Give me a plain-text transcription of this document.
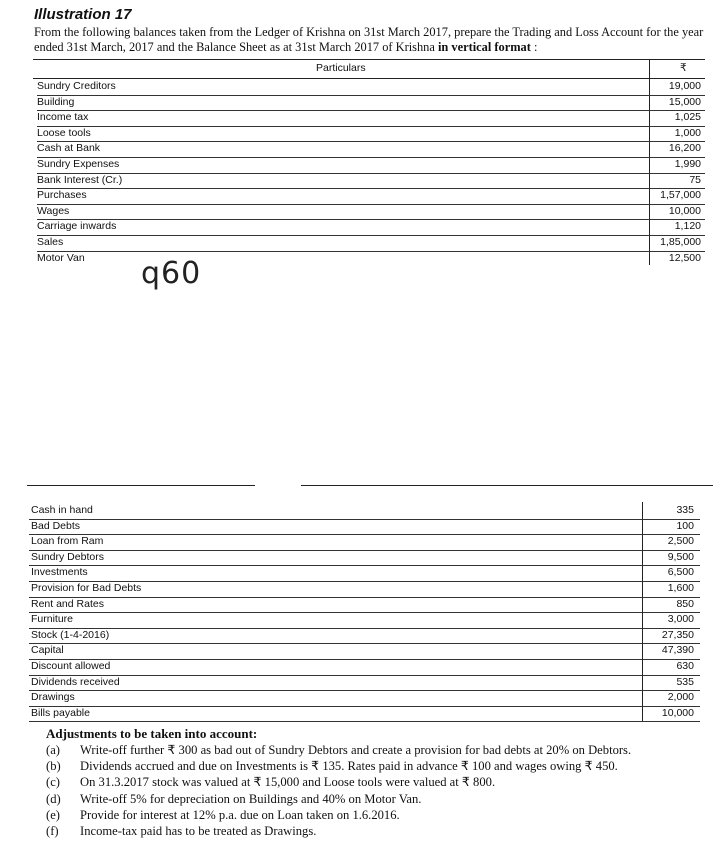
Illustration 17
From the following balances taken from the Ledger of Krishna on 31st March 2017, prepare the Trading and Loss Account for the year ended 31st March, 2017 and the Balance Sheet as at 31st March 2017 of Krishna in vertical format :
Particulars	₹
Sundry Creditors	19,000
Building	15,000
Income tax	1,025
Loose tools	1,000
Cash at Bank	16,200
Sundry Expenses	1,990
Bank Interest (Cr.)	75
Purchases	1,57,000
Wages	10,000
Carriage inwards	1,120
Sales	1,85,000
Motor Van	12,500
q60
Cash in hand	335
Bad Debts	100
Loan from Ram	2,500
Sundry Debtors	9,500
Investments	6,500
Provision for Bad Debts	1,600
Rent and Rates	850
Furniture	3,000
Stock (1-4-2016)	27,350
Capital	47,390
Discount allowed	630
Dividends received	535
Drawings	2,000
Bills payable	10,000
Adjustments to be taken into account:
(a) Write-off further ₹ 300 as bad out of Sundry Debtors and create a provision for bad debts at 20% on Debtors.
(b) Dividends accrued and due on Investments is ₹ 135. Rates paid in advance ₹ 100 and wages owing ₹ 450.
(c) On 31.3.2017 stock was valued at ₹ 15,000 and Loose tools were valued at ₹ 800.
(d) Write-off 5% for depreciation on Buildings and 40% on Motor Van.
(e) Provide for interest at 12% p.a. due on Loan taken on 1.6.2016.
(f) Income-tax paid has to be treated as Drawings.
